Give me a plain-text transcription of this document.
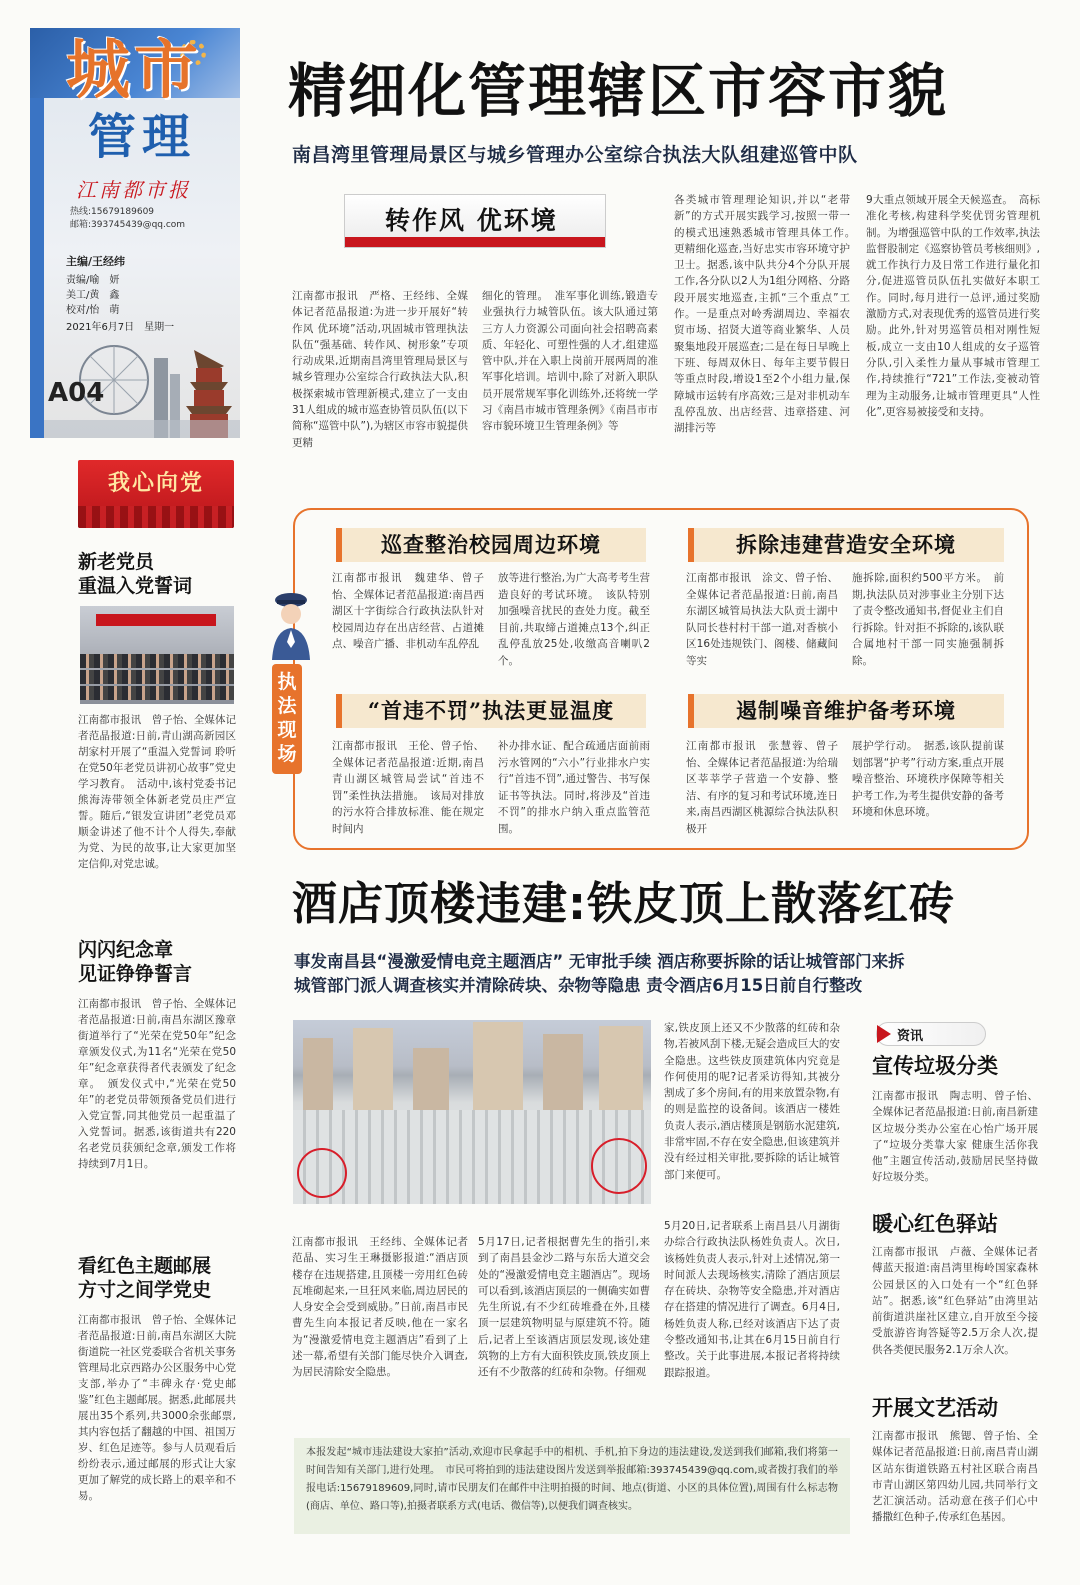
城市
管理
江南都市报
热线:15679189609
邮箱:393745439@qq.com
主编/王经纬
责编/喻　妍
美工/黄　鑫
校对/怡　萌
2021年6月7日　星期一
A04
我心向党
新老党员
重温入党誓词
江南都市报讯　曾子怡、全媒体记者范晶报道:日前,青山湖高新园区胡家村开展了“重温入党誓词 聆听在党50年老党员讲初心故事”党史学习教育。　活动中,该村党委书记熊海涛带领全体新老党员庄严宣誓。随后,“银发宣讲团”老党员邓顺金讲述了他不计个人得失,奉献为党、为民的故事,让大家更加坚定信仰,对党忠诚。
闪闪纪念章
见证铮铮誓言
江南都市报讯　曾子怡、全媒体记者范晶报道:日前,南昌东湖区豫章街道举行了“光荣在党50年”纪念章颁发仪式,为11名“光荣在党50年”纪念章获得者代表颁发了纪念章。　颁发仪式中,“光荣在党50年”的老党员带领预备党员们进行入党宣誓,同其他党员一起重温了入党誓词。据悉,该街道共有220名老党员获颁纪念章,颁发工作将持续到7月1日。
看红色主题邮展
方寸之间学党史
江南都市报讯　曾子怡、全媒体记者范晶报道:日前,南昌东湖区大院街道院一社区党委联合省机关事务管理局北京西路办公区服务中心党支部,举办了“丰碑永存·党史邮鉴”红色主题邮展。据悉,此邮展共展出35个系列,共3000余张邮票,其内容包括了翻越的中国、祖国万岁、红色足迹等。参与人员观看后纷纷表示,通过邮展的形式让大家更加了解党的成长路上的艰辛和不易。
精细化管理辖区市容市貌
南昌湾里管理局景区与城乡管理办公室综合执法大队组建巡管中队
转作风 优环境
江南都市报讯　严格、王经纬、全媒体记者范晶报道:为进一步开展好“转作风 优环境”活动,巩固城市管理执法队伍“强基础、转作风、树形象”专项行动成果,近期南昌湾里管理局景区与城乡管理办公室综合行政执法大队,积极探索城市管理新模式,建立了一支由31人组成的城市巡查协管员队伍(以下简称“巡管中队”),为辖区市容市貌提供更精
细化的管理。　准军事化训练,锻造专业强执行力城管队伍。该大队通过第三方人力资源公司面向社会招聘高素质、年轻化、可塑性强的人才,组建巡管中队,并在入职上岗前开展两周的准军事化培训。培训中,除了对新入职队员开展常规军事化训练外,还将统一学习《南昌市城市管理条例》《南昌市市容市貌环境卫生管理条例》等
各类城市管理理论知识,并以“老带新”的方式开展实践学习,按照一带一的模式迅速熟悉城市管理具体工作。　更精细化巡查,当好忠实市容环境守护卫士。据悉,该中队共分4个分队开展工作,各分队以2人为1组分网格、分路段开展实地巡查,主抓“三个重点”工作。一是重点对岭秀湖周边、幸福农贸市场、招贤大道等商业繁华、人员聚集地段开展巡查;二是在每日早晚上下班、每周双休日、每年主要节假日等重点时段,增设1至2个小组力量,保障城市运转有序高效;三是对非机动车乱停乱放、出店经营、违章搭建、河湖排污等
9大重点领域开展全天候巡查。　高标准化考核,构建科学奖优罚劣管理机制。为增强巡管中队的工作效率,执法监督股制定《巡察协管员考核细则》,就工作执行力及日常工作进行量化扣分,促进巡管员队伍扎实做好本职工作。同时,每月进行一总评,通过奖励激励方式,对表现优秀的巡管员进行奖励。此外,针对男巡管员相对刚性短板,成立一支由10人组成的女子巡管分队,引入柔性力量从事城市管理工作,持续推行“721”工作法,变被动管理为主动服务,让城市管理更具“人性化”,更容易被接受和支持。
执法现场
巡查整治校园周边环境
江南都市报讯　魏建华、曾子怡、全媒体记者范晶报道:南昌西湖区十字街综合行政执法队针对校园周边存在出店经营、占道摊点、噪音广播、非机动车乱停乱
放等进行整治,为广大高考考生营造良好的考试环境。　该队特别加强噪音扰民的查处力度。截至目前,共取缔占道摊点13个,纠正乱停乱放25处,收缴高音喇叭2个。
拆除违建营造安全环境
江南都市报讯　涂文、曾子怡、全媒体记者范晶报道:日前,南昌东湖区城管局执法大队贡士湖中队同长巷村村干部一道,对香槟小区16处违规铁门、阁楼、储藏间等实
施拆除,面积约500平方米。　前期,执法队员对涉事业主分别下达了责令整改通知书,督促业主们自行拆除。针对拒不拆除的,该队联合属地村干部一同实施强制拆除。
“首违不罚”执法更显温度
江南都市报讯　王伦、曾子怡、全媒体记者范晶报道:近期,南昌青山湖区城管局尝试“首违不罚”柔性执法措施。　该局对排放的污水符合排放标准、能在规定时间内
补办排水证、配合疏通店面前雨污水管网的“六小”行业排水户实行“首违不罚”,通过警告、书写保证书等执法。同时,将涉及“首违不罚”的排水户纳入重点监管范围。
遏制噪音维护备考环境
江南都市报讯　张慧蓉、曾子怡、全媒体记者范晶报道:为给瑞区莘莘学子营造一个安静、整洁、有序的复习和考试环境,连日来,南昌西湖区桃源综合执法队积极开
展护学行动。　据悉,该队提前谋划部署“护考”行动方案,重点开展噪音整治、环境秩序保障等相关护考工作,为考生提供安静的备考环境和休息环境。
酒店顶楼违建:铁皮顶上散落红砖
事发南昌县“漫激爱情电竞主题酒店” 无审批手续 酒店称要拆除的话让城管部门来拆
城管部门派人调查核实并清除砖块、杂物等隐患 责令酒店6月15日前自行整改
家,铁皮顶上还又不少散落的红砖和杂物,若被风刮下楼,无疑会造成巨大的安全隐患。这些铁皮顶建筑体内究竟是作何使用的呢?记者采访得知,其被分割成了多个房间,有的用来放置杂物,有的则是监控的设备间。该酒店一楼姓负责人表示,酒店楼顶是钢筋水泥建筑,非常牢固,不存在安全隐患,但该建筑并没有经过相关审批,要拆除的话让城管部门来便可。
江南都市报讯　王经纬、全媒体记者范晶、实习生王琳摄影报道:“酒店顶楼存在违规搭建,且顶楼一旁用红色砖瓦堆砌起来,一旦狂风来临,周边居民的人身安全会受到威胁。”日前,南昌市民曹先生向本报记者反映,他在一家名为“漫激爱情电竞主题酒店”看到了上述一幕,希望有关部门能尽快介入调查,为居民清除安全隐患。
5月17日,记者根据曹先生的指引,来到了南昌县金沙二路与东岳大道交会处的“漫激爱情电竞主题酒店”。现场可以看到,该酒店顶层的一侧确实如曹先生所说,有不少红砖堆叠在外,且楼顶一层建筑物明显与原建筑不符。随后,记者上至该酒店顶层发现,该处建筑物的上方有大面积铁皮顶,铁皮顶上还有不少散落的红砖和杂物。仔细观
5月20日,记者联系上南昌县八月湖街办综合行政执法队杨姓负责人。次日,该杨姓负责人表示,针对上述情况,第一时间派人去现场核实,清除了酒店顶层存在砖块、杂物等安全隐患,并对酒店存在搭建的情况进行了调查。6月4日,杨姓负责人称,已经对该酒店下达了责令整改通知书,让其在6月15日前自行整改。关于此事进展,本报记者将持续跟踪报道。
本报发起“城市违法建设大家拍”活动,欢迎市民拿起手中的相机、手机,拍下身边的违法建设,发送到我们邮箱,我们将第一时间告知有关部门,进行处理。　市民可将拍到的违法建设图片发送到举报邮箱:393745439@qq.com,或者拨打我们的举报电话:15679189609,同时,请市民朋友们在邮件中注明拍摄的时间、地点(街道、小区的具体位置),周围有什么标志物(商店、单位、路口等),拍摄者联系方式(电话、微信等),以便我们调查核实。
资讯
宣传垃圾分类
江南都市报讯　陶志明、曾子怡、全媒体记者范晶报道:日前,南昌新建区垃圾分类办公室在心怡广场开展了“垃圾分类靠大家 健康生活你我他”主题宣传活动,鼓励居民坚持做好垃圾分类。
暖心红色驿站
江南都市报讯　卢薇、全媒体记者傅蓝天报道:南昌湾里梅岭国家森林公园景区的入口处有一个“红色驿站”。据悉,该“红色驿站”由湾里站前街道洪崖社区建立,自开放至今接受旅游咨询答疑等2.5万余人次,提供各类便民服务2.1万余人次。
开展文艺活动
江南都市报讯　熊锶、曾子怡、全媒体记者范晶报道:日前,南昌青山湖区站东街道铁路五村社区联合南昌市青山湖区第四幼儿园,共同举行文艺汇演活动。活动意在孩子们心中播撒红色种子,传承红色基因。
